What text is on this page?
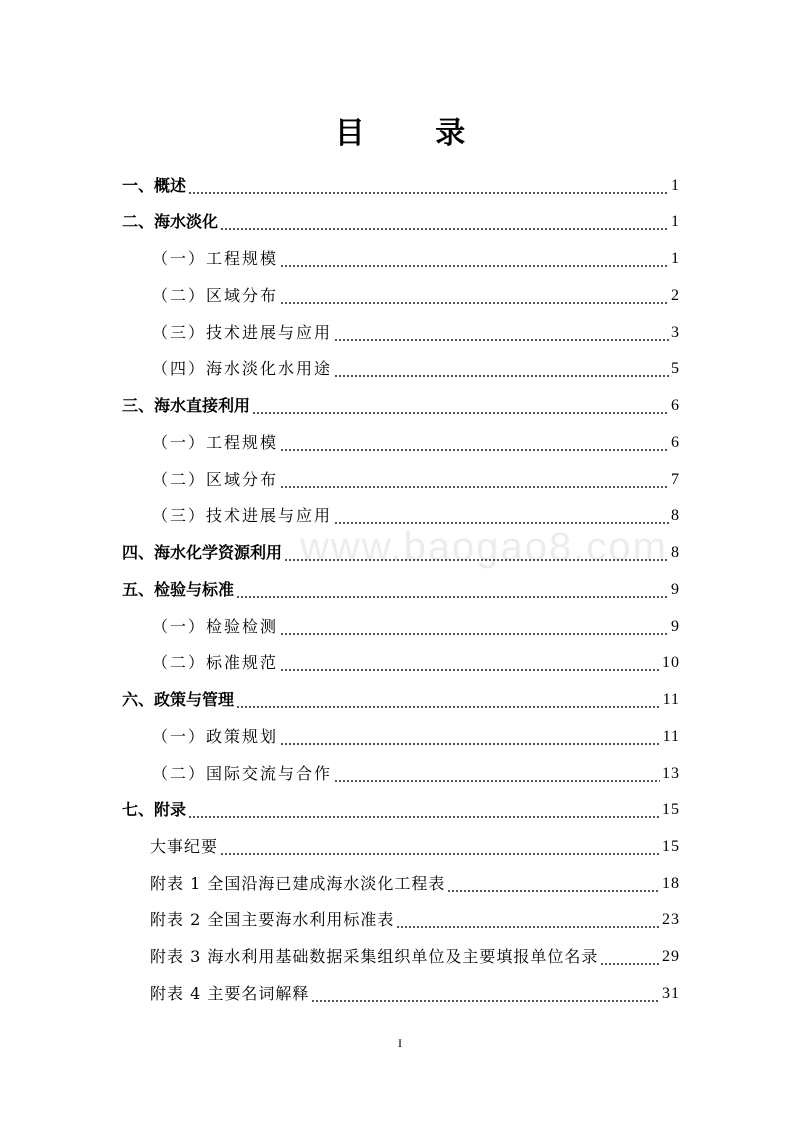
目 录
一、概述	1
二、海水淡化	1
（一）工程规模	1
（二）区域分布	2
（三）技术进展与应用	3
（四）海水淡化水用途	5
三、海水直接利用	6
（一）工程规模	6
（二）区域分布	7
（三）技术进展与应用	8
四、海水化学资源利用	8
五、检验与标准	9
（一）检验检测	9
（二）标准规范	10
六、政策与管理	11
（一）政策规划	11
（二）国际交流与合作	13
七、附录	15
大事纪要	15
附表 1 全国沿海已建成海水淡化工程表	18
附表 2 全国主要海水利用标准表	23
附表 3 海水利用基础数据采集组织单位及主要填报单位名录	29
附表 4 主要名词解释	31
I
